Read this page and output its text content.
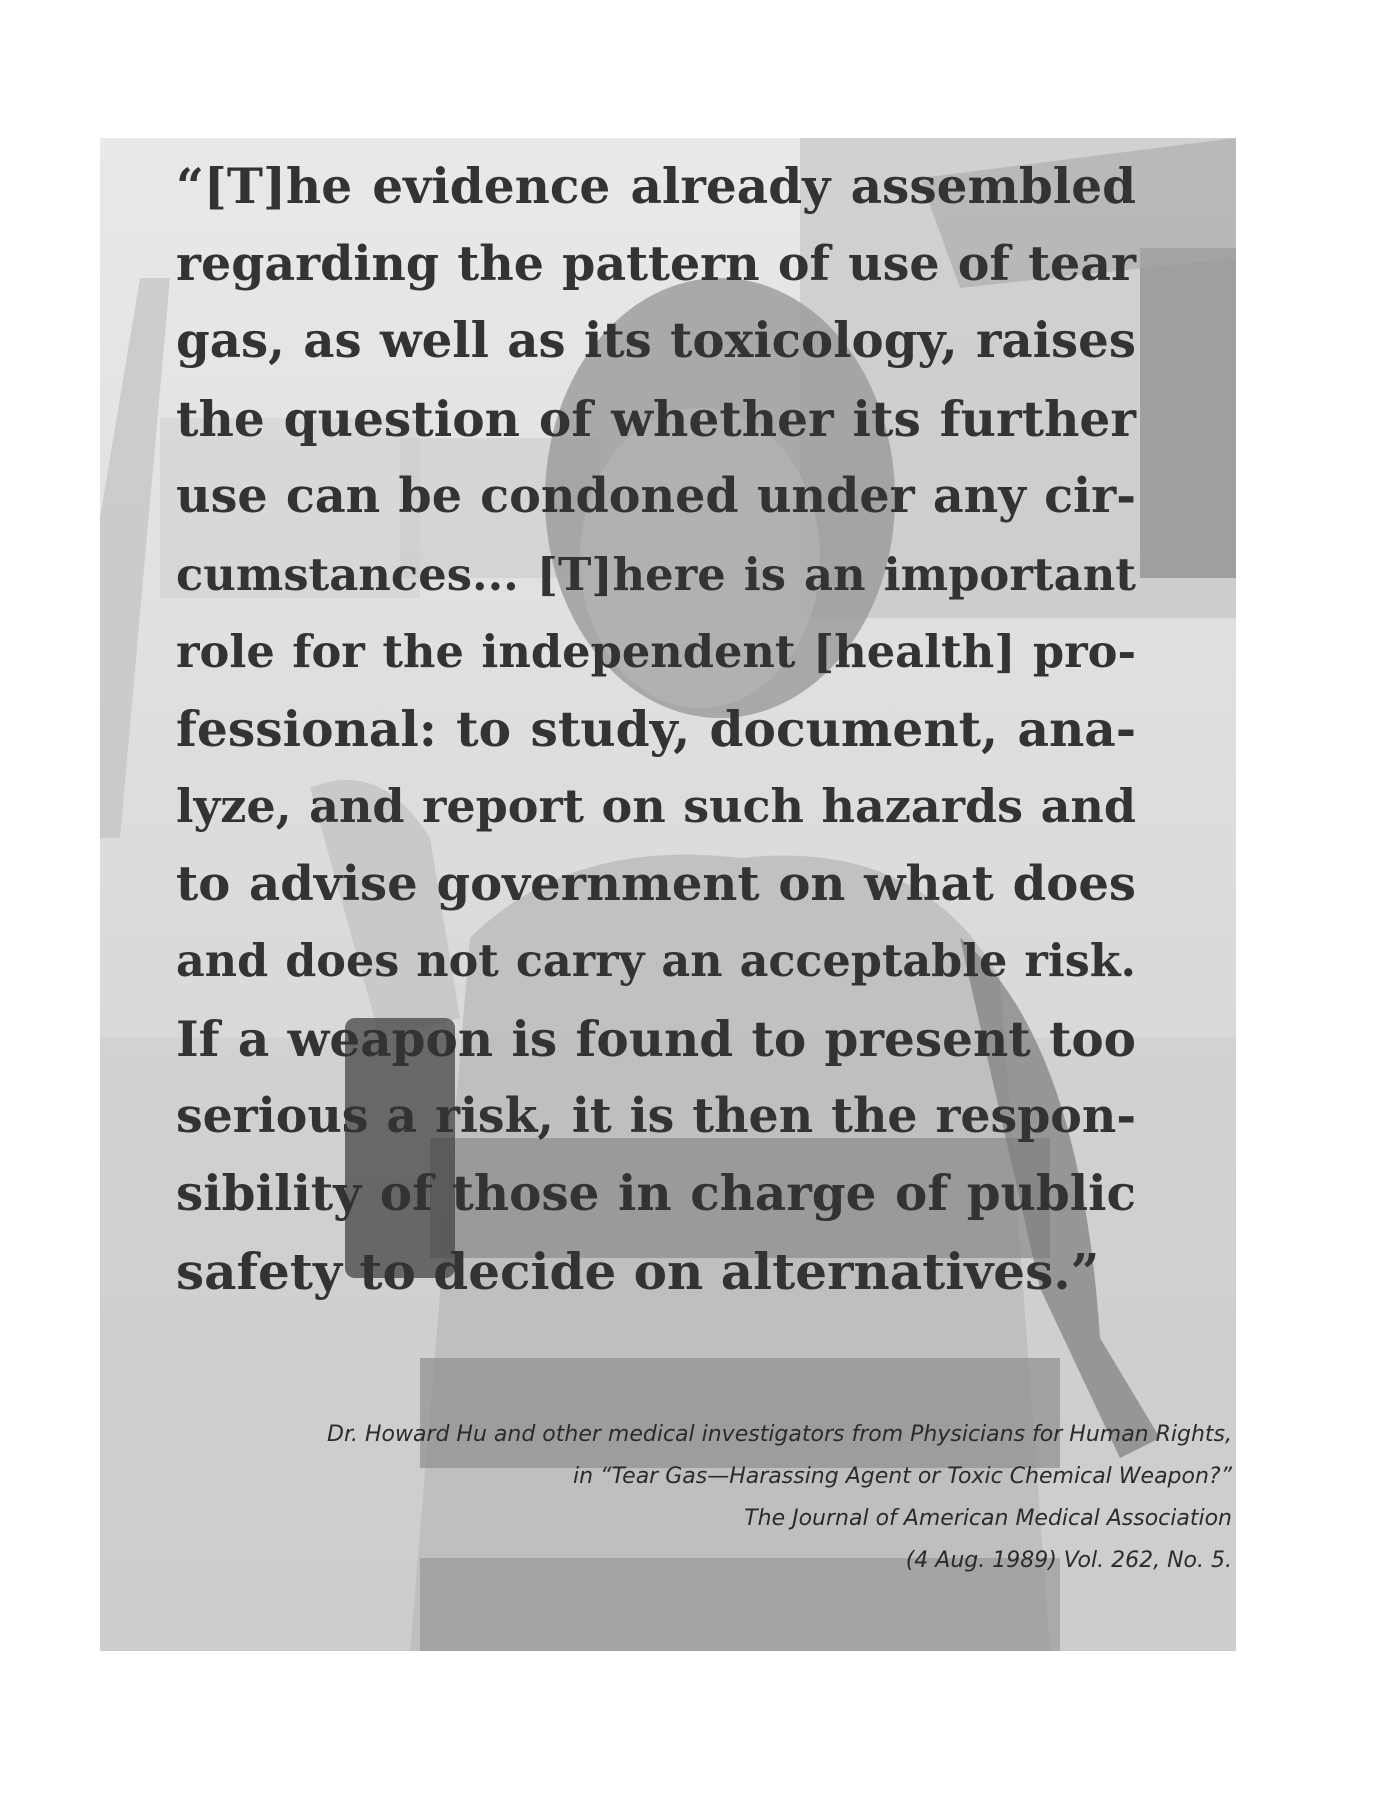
“[T]he evidence already assembled
regarding the pattern of use of tear
gas, as well as its toxicology, raises
the question of whether its further
use can be condoned under any cir-
cumstances... [T]here is an important
role for the independent [health] pro-
fessional: to study, document, ana-
lyze, and report on such hazards and
to advise government on what does
and does not carry an acceptable risk.
If a weapon is found to present too
serious a risk, it is then the respon-
sibility of those in charge of public
safety to decide on alternatives.”
Dr. Howard Hu and other medical investigators from Physicians for Human Rights,
in “Tear Gas—Harassing Agent or Toxic Chemical Weapon?”
The Journal of American Medical Association
(4 Aug. 1989) Vol. 262, No. 5.
